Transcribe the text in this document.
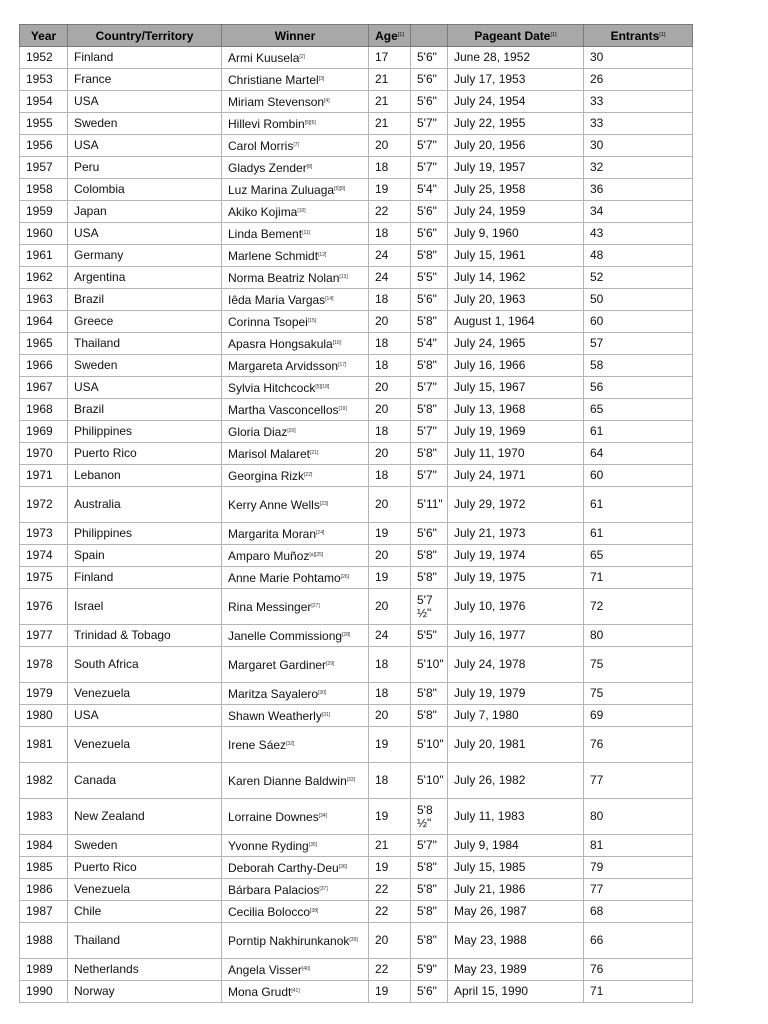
Year	Country/Territory	Winner	Age[1]		Pageant Date[1]	Entrants[1]
1952	Finland	Armi Kuusela[2]	17	5'6"	June 28, 1952	30
1953	France	Christiane Martel[3]	21	5'6"	July 17, 1953	26
1954	USA	Miriam Stevenson[4]	21	5'6"	July 24, 1954	33
1955	Sweden	Hillevi Rombin[5][6]	21	5'7"	July 22, 1955	33
1956	USA	Carol Morris[7]	20	5'7"	July 20, 1956	30
1957	Peru	Gladys Zender[8]	18	5'7"	July 19, 1957	32
1958	Colombia	Luz Marina Zuluaga[5][9]	19	5'4"	July 25, 1958	36
1959	Japan	Akiko Kojima[10]	22	5'6"	July 24, 1959	34
1960	USA	Linda Bement[11]	18	5'6"	July 9, 1960	43
1961	Germany	Marlene Schmidt[12]	24	5'8"	July 15, 1961	48
1962	Argentina	Norma Beatriz Nolan[13]	24	5'5"	July 14, 1962	52
1963	Brazil	Iêda Maria Vargas[14]	18	5'6"	July 20, 1963	50
1964	Greece	Corinna Tsopei[15]	20	5'8"	August 1, 1964	60
1965	Thailand	Apasra Hongsakula[16]	18	5'4"	July 24, 1965	57
1966	Sweden	Margareta Arvidsson[17]	18	5'8"	July 16, 1966	58
1967	USA	Sylvia Hitchcock[5][18]	20	5'7"	July 15, 1967	56
1968	Brazil	Martha Vasconcellos[19]	20	5'8"	July 13, 1968	65
1969	Philippines	Gloria Diaz[20]	18	5'7"	July 19, 1969	61
1970	Puerto Rico	Marisol Malaret[21]	20	5'8"	July 11, 1970	64
1971	Lebanon	Georgina Rizk[22]	18	5'7"	July 24, 1971	60
1972	Australia	Kerry Anne Wells[23]	20	5'11"	July 29, 1972	61
1973	Philippines	Margarita Moran[24]	19	5'6"	July 21, 1973	61
1974	Spain	Amparo Muñoz[a][25]	20	5'8"	July 19, 1974	65
1975	Finland	Anne Marie Pohtamo[26]	19	5'8"	July 19, 1975	71
1976	Israel	Rina Messinger[27]	20	5'7 ½"	July 10, 1976	72
1977	Trinidad & Tobago	Janelle Commissiong[28]	24	5'5"	July 16, 1977	80
1978	South Africa	Margaret Gardiner[29]	18	5'10"	July 24, 1978	75
1979	Venezuela	Maritza Sayalero[30]	18	5'8"	July 19, 1979	75
1980	USA	Shawn Weatherly[31]	20	5'8"	July 7, 1980	69
1981	Venezuela	Irene Sáez[32]	19	5'10"	July 20, 1981	76
1982	Canada	Karen Dianne Baldwin[33]	18	5'10"	July 26, 1982	77
1983	New Zealand	Lorraine Downes[34]	19	5'8 ½"	July 11, 1983	80
1984	Sweden	Yvonne Ryding[35]	21	5'7"	July 9, 1984	81
1985	Puerto Rico	Deborah Carthy-Deu[36]	19	5'8"	July 15, 1985	79
1986	Venezuela	Bárbara Palacios[37]	22	5'8"	July 21, 1986	77
1987	Chile	Cecilia Bolocco[38]	22	5'8"	May 26, 1987	68
1988	Thailand	Porntip Nakhirunkanok[39]	20	5'8"	May 23, 1988	66
1989	Netherlands	Angela Visser[40]	22	5'9"	May 23, 1989	76
1990	Norway	Mona Grudt[41]	19	5'6"	April 15, 1990	71
